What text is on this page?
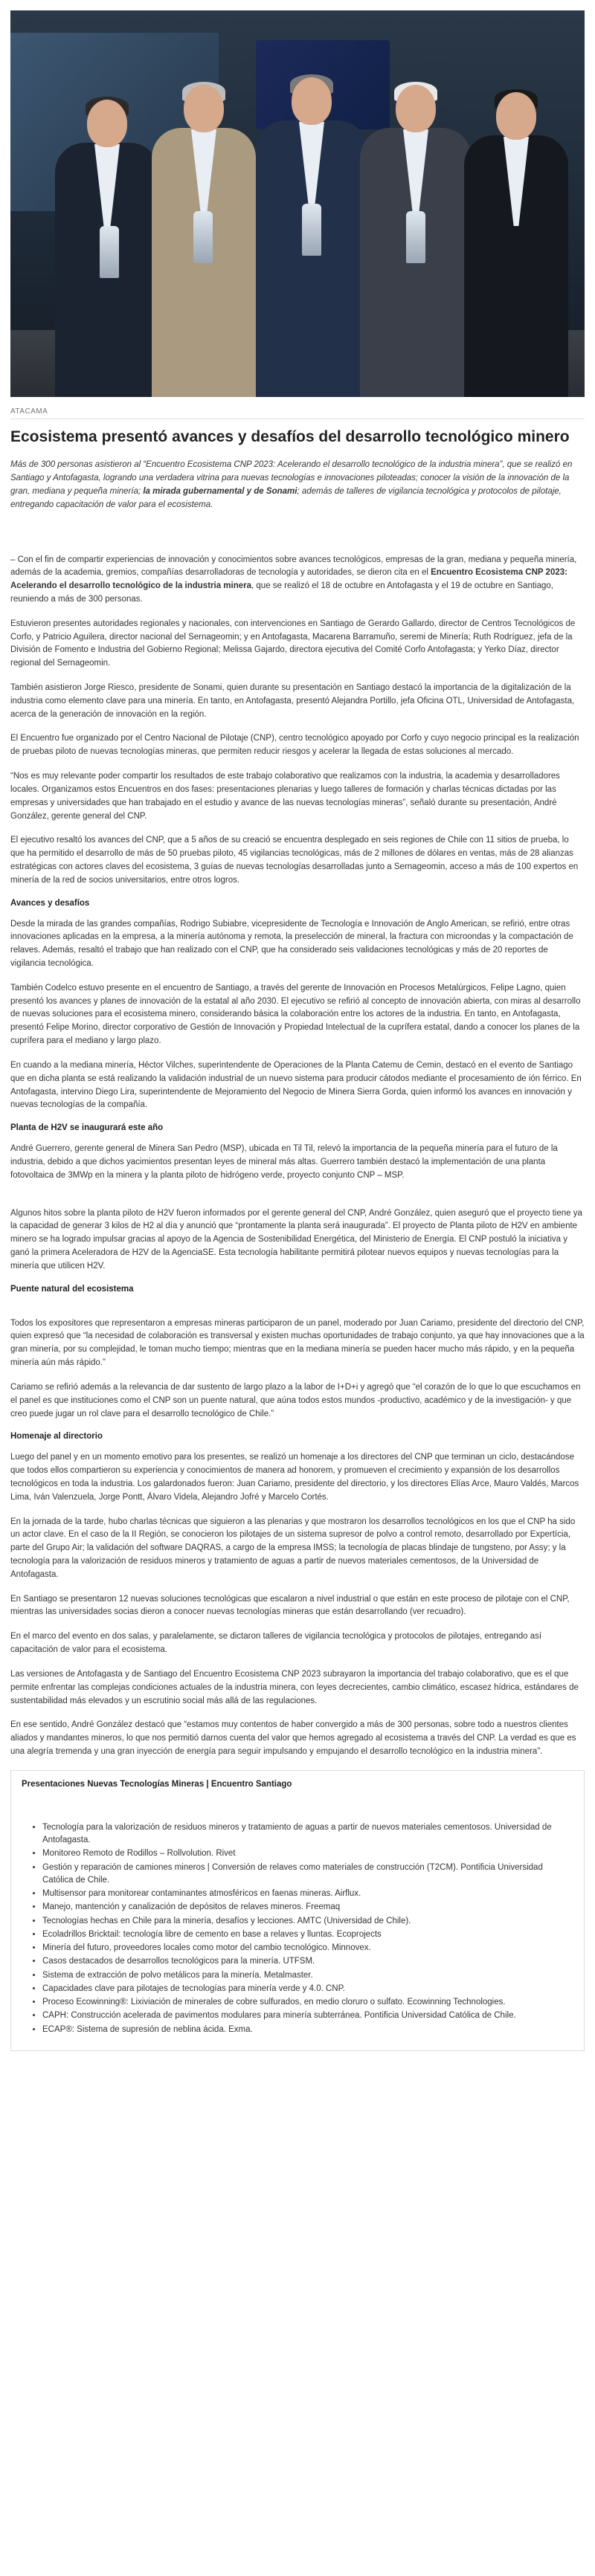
ATACAMA
Ecosistema presentó avances y desafíos del desarrollo tecnológico minero

Más de 300 personas asistieron al “Encuentro Ecosistema CNP 2023: Acelerando el desarrollo tecnológico de la industria minera”, que se realizó en Santiago y Antofagasta, logrando una verdadera vitrina para nuevas tecnologías e innovaciones piloteadas; conocer la visión de la innovación de la gran, mediana y pequeña minería; la mirada gubernamental y de Sonami; además de talleres de vigilancia tecnológica y protocolos de pilotaje, entregando capacitación de valor para el ecosistema.

– Con el fin de compartir experiencias de innovación y conocimientos sobre avances tecnológicos, empresas de la gran, mediana y pequeña minería, además de la academia, gremios, compañías desarrolladoras de tecnología y autoridades, se dieron cita en el Encuentro Ecosistema CNP 2023: Acelerando el desarrollo tecnológico de la industria minera, que se realizó el 18 de octubre en Antofagasta y el 19 de octubre en Santiago, reuniendo a más de 300 personas.

Estuvieron presentes autoridades regionales y nacionales, con intervenciones en Santiago de Gerardo Gallardo, director de Centros Tecnológicos de Corfo, y Patricio Aguilera, director nacional del Sernageomin; y en Antofagasta, Macarena Barramuño, seremi de Minería; Ruth Rodríguez, jefa de la División de Fomento e Industria del Gobierno Regional; Melissa Gajardo, directora ejecutiva del Comité Corfo Antofagasta; y Yerko Díaz, director regional del Sernageomin.

También asistieron Jorge Riesco, presidente de Sonami, quien durante su presentación en Santiago destacó la importancia de la digitalización de la industria como elemento clave para una minería. En tanto, en Antofagasta, presentó Alejandra Portillo, jefa Oficina OTL, Universidad de Antofagasta, acerca de la generación de innovación en la región.

El Encuentro fue organizado por el Centro Nacional de Pilotaje (CNP), centro tecnológico apoyado por Corfo y cuyo negocio principal es la realización de pruebas piloto de nuevas tecnologías mineras, que permiten reducir riesgos y acelerar la llegada de estas soluciones al mercado.

“Nos es muy relevante poder compartir los resultados de este trabajo colaborativo que realizamos con la industria, la academia y desarrolladores locales. Organizamos estos Encuentros en dos fases: presentaciones plenarias y luego talleres de formación y charlas técnicas dictadas por las empresas y universidades que han trabajado en el estudio y avance de las nuevas tecnologías mineras”, señaló durante su presentación, André González, gerente general del CNP.

El ejecutivo resaltó los avances del CNP, que a 5 años de su creació se encuentra desplegado en seis regiones de Chile con 11 sitios de prueba, lo que ha permitido el desarrollo de más de 50 pruebas piloto, 45 vigilancias tecnológicas, más de 2 millones de dólares en ventas, más de 28 alianzas estratégicas con actores claves del ecosistema, 3 guías de nuevas tecnologías desarrolladas junto a Sernageomin, acceso a más de 100 expertos en minería de la red de socios universitarios, entre otros logros.

Avances y desafíos

Desde la mirada de las grandes compañías, Rodrigo Subiabre, vicepresidente de Tecnología e Innovación de Anglo American, se refirió, entre otras innovaciones aplicadas en la empresa, a la minería autónoma y remota, la preselección de mineral, la fractura con microondas y la compactación de relaves. Además, resaltó el trabajo que han realizado con el CNP, que ha considerado seis validaciones tecnológicas y más de 20 reportes de vigilancia tecnológica.

También Codelco estuvo presente en el encuentro de Santiago, a través del gerente de Innovación en Procesos Metalúrgicos, Felipe Lagno, quien presentó los avances y planes de innovación de la estatal al año 2030. El ejecutivo se refirió al concepto de innovación abierta, con miras al desarrollo de nuevas soluciones para el ecosistema minero, considerando básica la colaboración entre los actores de la industria. En tanto, en Antofagasta, presentó Felipe Morino, director corporativo de Gestión de Innovación y Propiedad Intelectual de la cuprífera estatal, dando a conocer los planes de la cuprífera para el mediano y largo plazo.

En cuando a la mediana minería, Héctor Vilches, superintendente de Operaciones de la Planta Catemu de Cemin, destacó en el evento de Santiago que en dicha planta se está realizando la validación industrial de un nuevo sistema para producir cátodos mediante el procesamiento de ión férrico. En Antofagasta, intervino Diego Lira, superintendente de Mejoramiento del Negocio de Minera Sierra Gorda, quien informó los avances en innovación y nuevas tecnologías de la compañía.

Planta de H2V se inaugurará este año

André Guerrero, gerente general de Minera San Pedro (MSP), ubicada en Til Til, relevó la importancia de la pequeña minería para el futuro de la industria, debido a que dichos yacimientos presentan leyes de mineral más altas. Guerrero también destacó la implementación de una planta fotovoltaica de 3MWp en la minera y la planta piloto de hidrógeno verde, proyecto conjunto CNP – MSP.

Algunos hitos sobre la planta piloto de H2V fueron informados por el gerente general del CNP, André González, quien aseguró que el proyecto tiene ya la capacidad de generar 3 kilos de H2 al día y anunció que “prontamente la planta será inaugurada”. El proyecto de Planta piloto de H2V en ambiente minero se ha logrado impulsar gracias al apoyo de la Agencia de Sostenibilidad Energética, del Ministerio de Energía. El CNP postuló la iniciativa y ganó la primera Aceleradora de H2V de la AgenciaSE. Esta tecnología habilitante permitirá pilotear nuevos equipos y nuevas tecnologías para la minería que utilicen H2V.

Puente natural del ecosistema

Todos los expositores que representaron a empresas mineras participaron de un panel, moderado por Juan Cariamo, presidente del directorio del CNP, quien expresó que “la necesidad de colaboración es transversal y existen muchas oportunidades de trabajo conjunto, ya que hay innovaciones que a la gran minería, por su complejidad, le toman mucho tiempo; mientras que en la mediana minería se pueden hacer mucho más rápido, y en la pequeña minería aún más rápido.”

Cariamo se refirió además a la relevancia de dar sustento de largo plazo a la labor de I+D+i y agregó que “el corazón de lo que lo que escuchamos en el panel es que instituciones como el CNP son un puente natural, que aúna todos estos mundos -productivo, académico y de la investigación- y que creo puede jugar un rol clave para el desarrollo tecnológico de Chile.”

Homenaje al directorio

Luego del panel y en un momento emotivo para los presentes, se realizó un homenaje a los directores del CNP que terminan un ciclo, destacándose que todos ellos compartieron su experiencia y conocimientos de manera ad honorem, y promueven el crecimiento y expansión de los desarrollos tecnológicos en toda la industria. Los galardonados fueron: Juan Cariamo, presidente del directorio, y los directores Elías Arce, Mauro Valdés, Marcos Lima, Iván Valenzuela, Jorge Pontt, Álvaro Videla, Alejandro Jofré y Marcelo Cortés.

En la jornada de la tarde, hubo charlas técnicas que siguieron a las plenarias y que mostraron los desarrollos tecnológicos en los que el CNP ha sido un actor clave. En el caso de la II Región, se conocieron los pilotajes de un sistema supresor de polvo a control remoto, desarrollado por Expertícia, parte del Grupo Air; la validación del software DAQRAS, a cargo de la empresa IMSS; la tecnología de placas blindaje de tungsteno, por Assy; y la tecnología para la valorización de residuos mineros y tratamiento de aguas a partir de nuevos materiales cementosos, de la Universidad de Antofagasta.

En Santiago se presentaron 12 nuevas soluciones tecnológicas que escalaron a nivel industrial o que están en este proceso de pilotaje con el CNP, mientras las universidades socias dieron a conocer nuevas tecnologías mineras que están desarrollando (ver recuadro).

En el marco del evento en dos salas, y paralelamente, se dictaron talleres de vigilancia tecnológica y protocolos de pilotajes, entregando así capacitación de valor para el ecosistema.

Las versiones de Antofagasta y de Santiago del Encuentro Ecosistema CNP 2023 subrayaron la importancia del trabajo colaborativo, que es el que permite enfrentar las complejas condiciones actuales de la industria minera, con leyes decrecientes, cambio climático, escasez hídrica, estándares de sustentabilidad más elevados y un escrutinio social más allá de las regulaciones.

En ese sentido, André González destacó que “estamos muy contentos de haber convergido a más de 300 personas, sobre todo a nuestros clientes aliados y mandantes mineros, lo que nos permitió darnos cuenta del valor que hemos agregado al ecosistema a través del CNP. La verdad es que es una alegría tremenda y una gran inyección de energía para seguir impulsando y empujando el desarrollo tecnológico en la industria minera”.

Presentaciones Nuevas Tecnologías Mineras | Encuentro Santiago
• Tecnología para la valorización de residuos mineros y tratamiento de aguas a partir de nuevos materiales cementosos. Universidad de Antofagasta.
• Monitoreo Remoto de Rodillos – Rollvolution. Rivet
• Gestión y reparación de camiones mineros | Conversión de relaves como materiales de construcción (T2CM). Pontificia Universidad Católica de Chile.
• Multisensor para monitorear contaminantes atmosféricos en faenas mineras. Airflux.
• Manejo, mantención y canalización de depósitos de relaves mineros. Freemaq
• Tecnologías hechas en Chile para la minería, desafíos y lecciones. AMTC (Universidad de Chile).
• Ecoladrillos Bricktail: tecnología libre de cemento en base a relaves y lluntas. Ecoprojects
• Minería del futuro, proveedores locales como motor del cambio tecnológico. Minnovex.
• Casos destacados de desarrollos tecnológicos para la minería. UTFSM.
• Sistema de extracción de polvo metálicos para la minería. Metalmaster.
• Capacidades clave para pilotajes de tecnologías para minería verde y 4.0. CNP.
• Proceso Ecowinning®: Lixiviación de minerales de cobre sulfurados, en medio cloruro o sulfato. Ecowinning Technologies.
• CAPH: Construcción acelerada de pavimentos modulares para minería subterránea. Pontificia Universidad Católica de Chile.
• ECAP®: Sistema de supresión de neblina ácida. Exma.
